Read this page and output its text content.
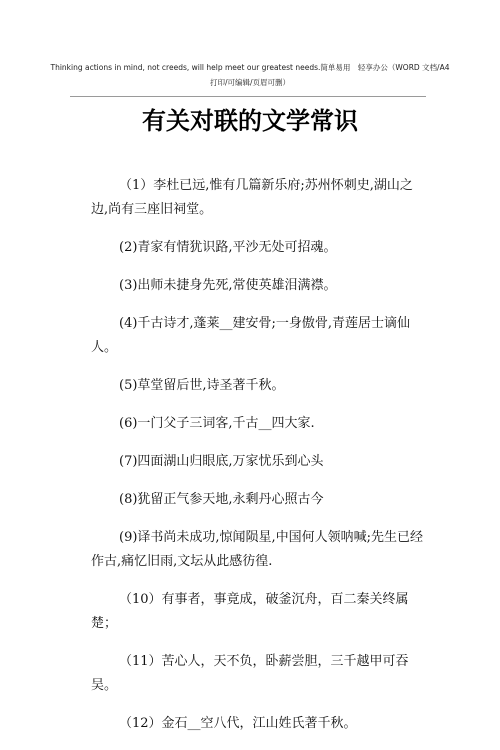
Thinking actions in mind, not creeds, will help meet our greatest needs.简单易用　轻享办公（WORD 文档/A4
打印/可编辑/页眉可删）
有关对联的文学常识

（1）李杜已远,惟有几篇新乐府;苏州怀刺史,湖山之边,尚有三座旧祠堂。

(2)青家有情犹识路,平沙无处可招魂。

(3)出师未捷身先死,常使英雄泪满襟。

(4)千古诗才,蓬莱__建安骨;一身傲骨,青莲居士谪仙人。

(5)草堂留后世,诗圣著千秋。

(6)一门父子三词客,千古__四大家.

(7)四面湖山归眼底,万家忧乐到心头

(8)犹留正气参天地,永剩丹心照古今

(9)译书尚未成功,惊闻陨星,中国何人领呐喊;先生已经作古,痛忆旧雨,文坛从此感彷徨.

（10）有事者，事竟成，破釜沉舟，百二秦关终属楚；

（11）苦心人，天不负，卧薪尝胆，三千越甲可吞吴。

（12）金石__空八代，江山姓氏著千秋。
